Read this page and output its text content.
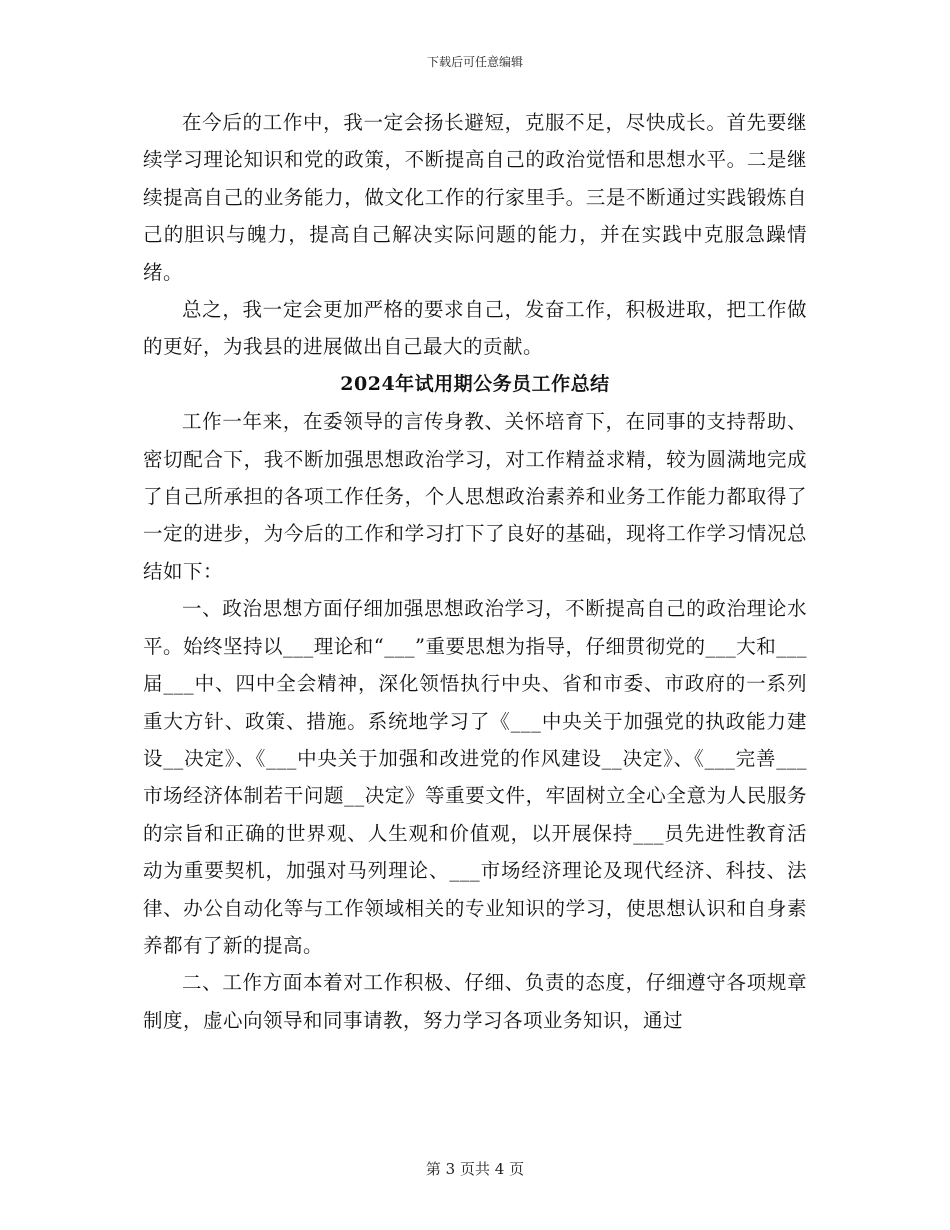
下载后可任意编辑

在今后的工作中，我一定会扬长避短，克服不足，尽快成长。首先要继续学习理论知识和党的政策，不断提高自己的政治觉悟和思想水平。二是继续提高自己的业务能力，做文化工作的行家里手。三是不断通过实践锻炼自己的胆识与魄力，提高自己解决实际问题的能力，并在实践中克服急躁情绪。

总之，我一定会更加严格的要求自己，发奋工作，积极进取，把工作做的更好，为我县的进展做出自己最大的贡献。

2024年试用期公务员工作总结

工作一年来，在委领导的言传身教、关怀培育下，在同事的支持帮助、密切配合下，我不断加强思想政治学习，对工作精益求精，较为圆满地完成了自己所承担的各项工作任务，个人思想政治素养和业务工作能力都取得了一定的进步，为今后的工作和学习打下了良好的基础，现将工作学习情况总结如下：

一、政治思想方面仔细加强思想政治学习，不断提高自己的政治理论水平。始终坚持以___理论和“___”重要思想为指导，仔细贯彻党的___大和___届___中、四中全会精神，深化领悟执行中央、省和市委、市政府的一系列重大方针、政策、措施。系统地学习了《___中央关于加强党的执政能力建设__决定》、《___中央关于加强和改进党的作风建设__决定》、《___完善___市场经济体制若干问题__决定》等重要文件，牢固树立全心全意为人民服务的宗旨和正确的世界观、人生观和价值观，以开展保持___员先进性教育活动为重要契机，加强对马列理论、___市场经济理论及现代经济、科技、法律、办公自动化等与工作领域相关的专业知识的学习，使思想认识和自身素养都有了新的提高。

二、工作方面本着对工作积极、仔细、负责的态度，仔细遵守各项规章制度，虚心向领导和同事请教，努力学习各项业务知识，通过

第 3 页共 4 页
